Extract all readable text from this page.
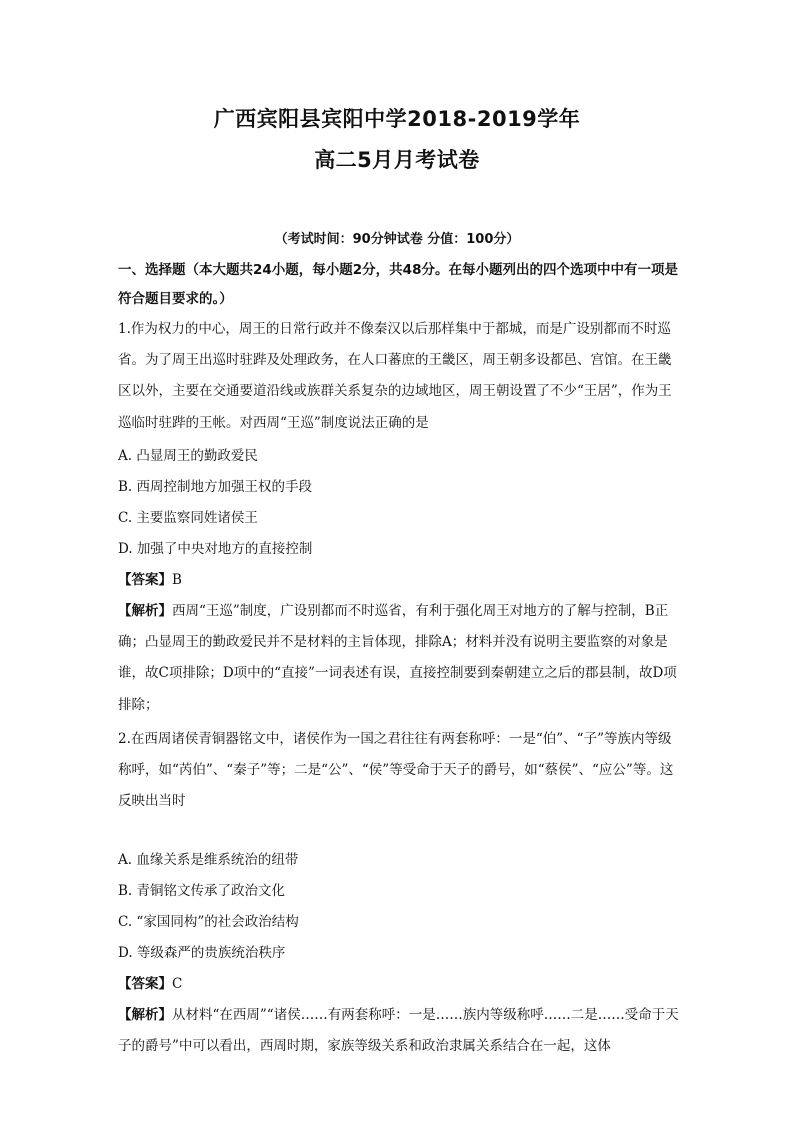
广西宾阳县宾阳中学2018-2019学年
高二5月月考试卷
（考试时间：90分钟试卷 分值：100分）
一、选择题（本大题共24小题，每小题2分，共48分。在每小题列出的四个选项中中有一项是符合题目要求的。）
1.作为权力的中心，周王的日常行政并不像秦汉以后那样集中于都城，而是广设别都而不时巡省。为了周王出巡时驻跸及处理政务，在人口蕃庶的王畿区，周王朝多设都邑、宫馆。在王畿区以外，主要在交通要道沿线或族群关系复杂的边域地区，周王朝设置了不少“王居”，作为王巡临时驻跸的王帐。对西周“王巡”制度说法正确的是
A. 凸显周王的勤政爱民
B. 西周控制地方加强王权的手段
C. 主要监察同姓诸侯王
D. 加强了中央对地方的直接控制
【答案】B
【解析】西周“王巡”制度，广设别都而不时巡省，有利于强化周王对地方的了解与控制，B正确；凸显周王的勤政爱民并不是材料的主旨体现，排除A；材料并没有说明主要监察的对象是谁，故C项排除；D项中的“直接”一词表述有误，直接控制要到秦朝建立之后的郡县制，故D项排除；
2.在西周诸侯青铜器铭文中，诸侯作为一国之君往往有两套称呼：一是“伯”、“子”等族内等级称呼，如“芮伯”、“秦子”等；二是“公”、“侯”等受命于天子的爵号，如“蔡侯”、“应公”等。这反映出当时
A. 血缘关系是维系统治的纽带
B. 青铜铭文传承了政治文化
C. “家国同构”的社会政治结构
D. 等级森严的贵族统治秩序
【答案】C
【解析】从材料“在西周”“诸侯……有两套称呼：一是……族内等级称呼……二是……受命于天子的爵号”中可以看出，西周时期，家族等级关系和政治隶属关系结合在一起，这体
